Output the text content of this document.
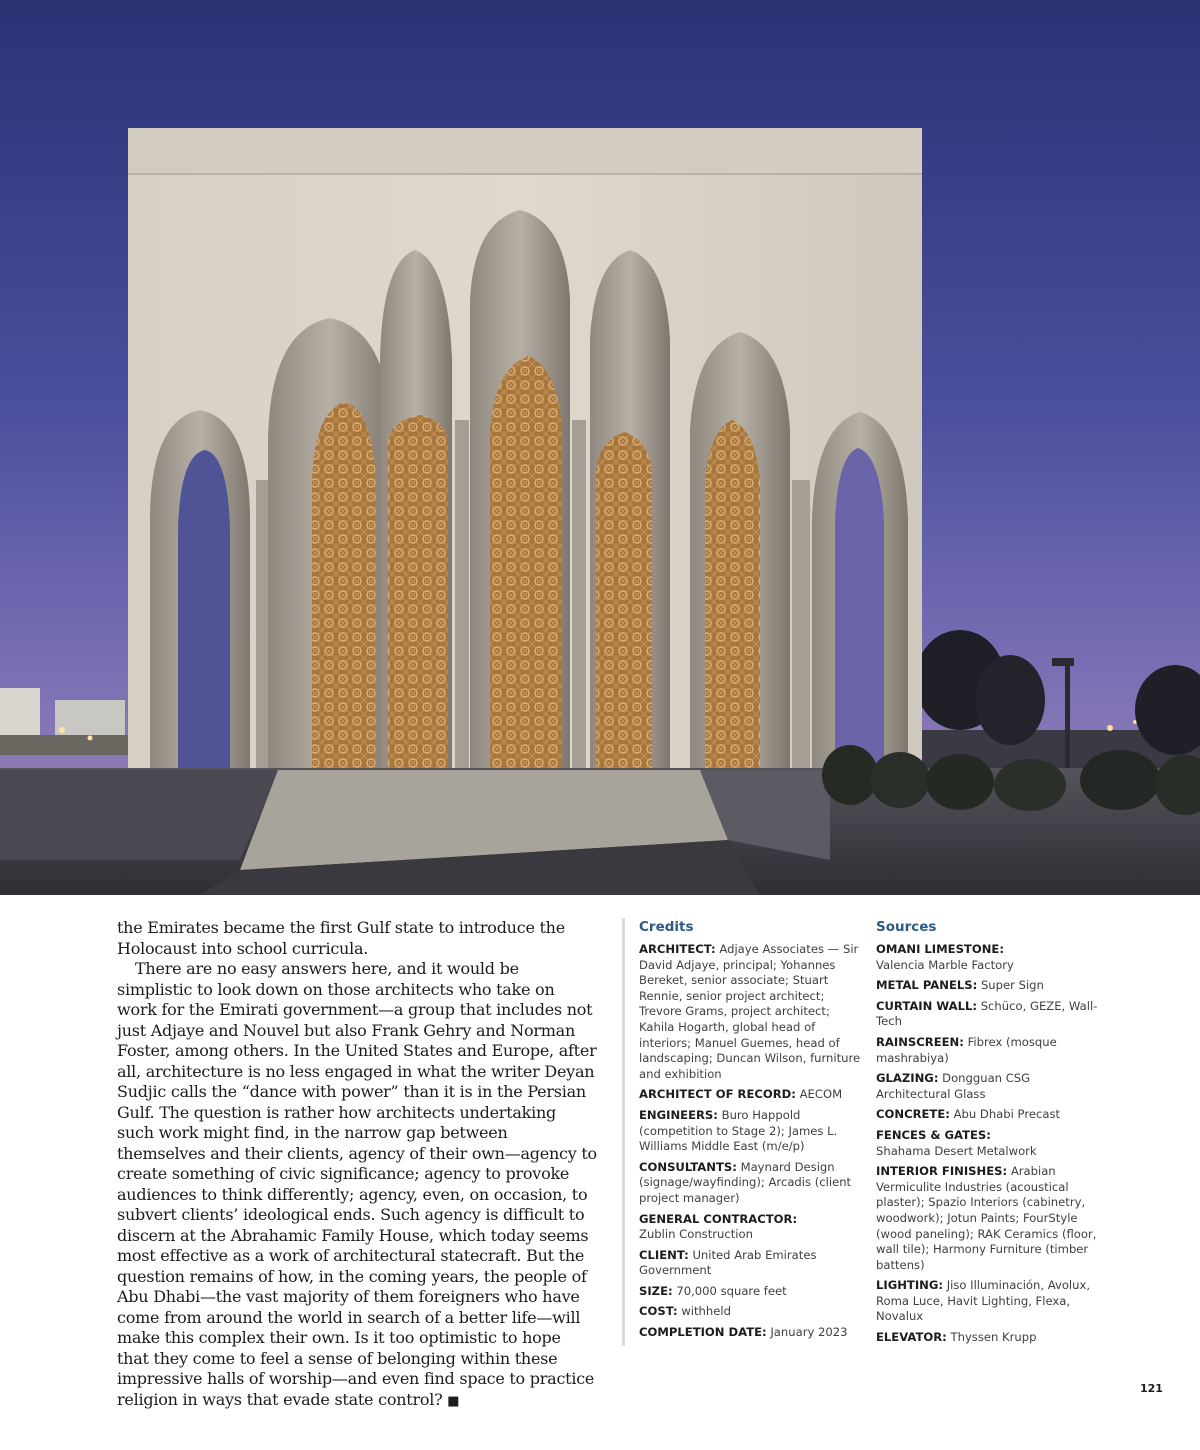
the Emirates became the first Gulf state to introduce the Holocaust into school curricula.

There are no easy answers here, and it would be simplistic to look down on those architects who take on work for the Emirati government—a group that includes not just Adjaye and Nouvel but also Frank Gehry and Norman Foster, among others. In the United States and Europe, after all, architecture is no less engaged in what the writer Deyan Sudjic calls the “dance with power” than it is in the Persian Gulf. The question is rather how architects undertaking such work might find, in the narrow gap between themselves and their clients, agency of their own—agency to create something of civic significance; agency to provoke audiences to think differently; agency, even, on occasion, to subvert clients’ ideological ends. Such agency is difficult to discern at the Abrahamic Family House, which today seems most effective as a work of architectural statecraft. But the question remains of how, in the coming years, the people of Abu Dhabi—the vast majority of them foreigners who have come from around the world in search of a better life—will make this complex their own. Is it too optimistic to hope that they come to feel a sense of belonging within these impressive halls of worship—and even find space to practice religion in ways that evade state control? ■

Credits
ARCHITECT: Adjaye Associates — Sir David Adjaye, principal; Yohannes Bereket, senior associate; Stuart Rennie, senior project architect; Trevore Grams, project architect; Kahila Hogarth, global head of interiors; Manuel Guemes, head of landscaping; Duncan Wilson, furniture and exhibition
ARCHITECT OF RECORD: AECOM
ENGINEERS: Buro Happold (competition to Stage 2); James L. Williams Middle East (m/e/p)
CONSULTANTS: Maynard Design (signage/wayfinding); Arcadis (client project manager)
GENERAL CONTRACTOR:
Zublin Construction
CLIENT: United Arab Emirates Government
SIZE: 70,000 square feet
COST: withheld
COMPLETION DATE: January 2023
Sources
OMANI LIMESTONE:
Valencia Marble Factory
METAL PANELS: Super Sign
CURTAIN WALL: Schüco, GEZE, Wall-Tech
RAINSCREEN: Fibrex (mosque mashrabiya)
GLAZING: Dongguan CSG Architectural Glass
CONCRETE: Abu Dhabi Precast
FENCES & GATES:
Shahama Desert Metalwork
INTERIOR FINISHES: Arabian Vermiculite Industries (acoustical plaster); Spazio Interiors (cabinetry, woodwork); Jotun Paints; FourStyle (wood paneling); RAK Ceramics (floor, wall tile); Harmony Furniture (timber battens)
LIGHTING: Jiso Illuminación, Avolux, Roma Luce, Havit Lighting, Flexa, Novalux
ELEVATOR: Thyssen Krupp
121
